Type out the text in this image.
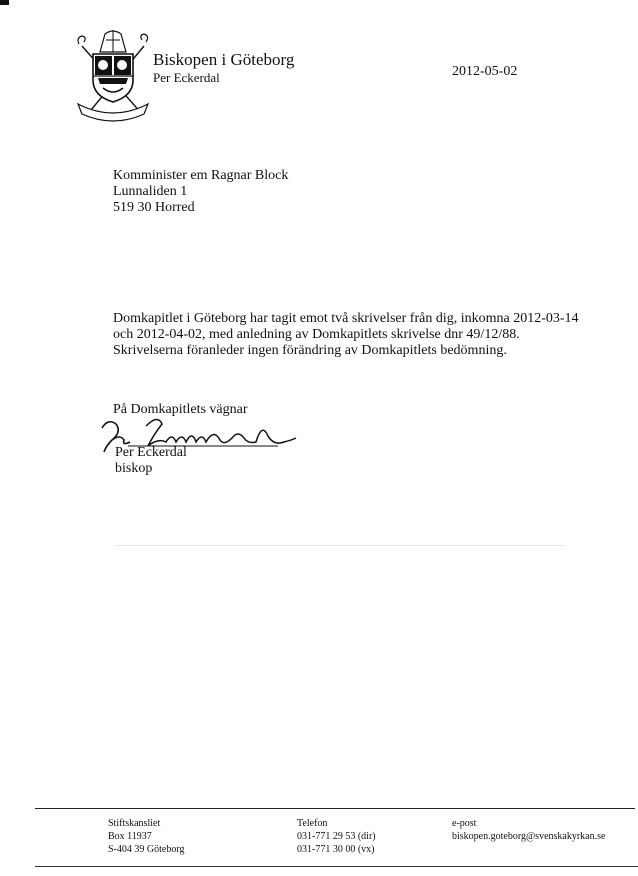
Biskopen i Göteborg
Per Eckerdal	2012-05-02
Komminister em Ragnar Block
Lunnaliden 1
519 30 Horred
Domkapitlet i Göteborg har tagit emot två skrivelser från dig, inkomna 2012-03-14 och 2012-04-02, med anledning av Domkapitlets skrivelse dnr 49/12/88. Skrivelserna föranleder ingen förändring av Domkapitlets bedömning.
På Domkapitlets vägnar
Per Eckerdal
biskop
Stiftskansliet
Box 11937
S-404 39 Göteborg
Telefon
031-771 29 53 (dir)
031-771 30 00 (vx)
e-post
biskopen.goteborg@svenskakyrkan.se
